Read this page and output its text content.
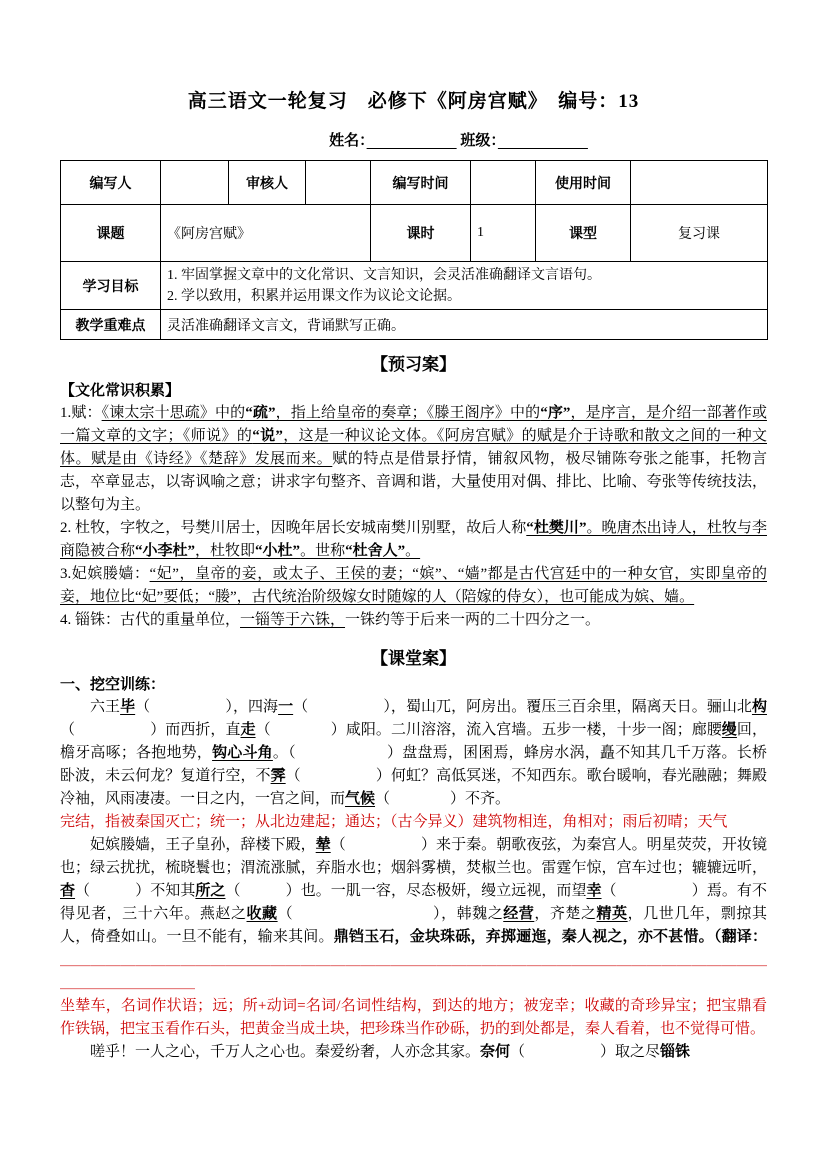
高三语文一轮复习　必修下《阿房宫赋》　编号：13
姓名：　　　　　　	班级：　　　　　　
编写人		审核人		编写时间		使用时间	
课题	《阿房宫赋》			课时	1	课型	复习课
学习目标	1. 牢固掌握文章中的文化常识、文言知识，会灵活准确翻译文言语句。
2. 学以致用，积累并运用课文作为议论文论据。						

教学重难点	灵活准确翻译文言文，背诵默写正确。						
【预习案】
【文化常识积累】

1.赋：《谏太宗十思疏》中的“疏”，指上给皇帝的奏章；《滕王阁序》中的“序”，是序言，是介绍一部著作或一篇文章的文字；《师说》的“说”，这是一种议论文体。《阿房宫赋》的赋是介于诗歌和散文之间的一种文体。赋是由《诗经》《楚辞》发展而来。赋的特点是借景抒情，铺叙风物，极尽铺陈夸张之能事，托物言志，卒章显志，以寄讽喻之意；讲求字句整齐、音调和谐，大量使用对偶、排比、比喻、夸张等传统技法，以整句为主。

2. 杜牧，字牧之，号樊川居士，因晚年居长安城南樊川别墅，故后人称“杜樊川”。晚唐杰出诗人，杜牧与李商隐被合称“小李杜”，杜牧即“小杜”。世称“杜舍人”。

3.妃嫔媵嫱：“妃”，皇帝的妾，或太子、王侯的妻；“嫔”、“嫱”都是古代宫廷中的一种女官，实即皇帝的妾，地位比“妃”要低；“媵”，古代统治阶级嫁女时随嫁的人（陪嫁的侍女），也可能成为嫔、嫱。

4. 锱铢：古代的重量单位，一锱等于六铢，一铢约等于后来一两的二十四分之一。

【课堂案】
一、挖空训练：

六王毕（　　　　　），四海一（　　　　　），蜀山兀，阿房出。覆压三百余里，隔离天日。骊山北构（　　　　　）而西折，直走（　　　　）咸阳。二川溶溶，流入宫墙。五步一楼，十步一阁；廊腰缦回，檐牙高啄；各抱地势，钩心斗角。（　　　　　　）盘盘焉，囷囷焉，蜂房水涡，矗不知其几千万落。长桥卧波，未云何龙？复道行空，不霁（　　　　　）何虹？高低冥迷，不知西东。歌台暖响，春光融融；舞殿冷袖，风雨凄凄。一日之内，一宫之间，而气候（　　　　）不齐。

完结，指被秦国灭亡；统一；从北边建起；通达；（古今异义）建筑物相连，角相对；雨后初晴；天气

妃嫔媵嫱，王子皇孙，辞楼下殿，辇（　　　　　）来于秦。朝歌夜弦，为秦宫人。明星荧荧，开妆镜也；绿云扰扰，梳晓鬟也；渭流涨腻，弃脂水也；烟斜雾横，焚椒兰也。雷霆乍惊，宫车过也；辘辘远听，杳（　　　）不知其所之（　　　）也。一肌一容，尽态极妍，缦立远视，而望幸（　　　　　）焉。有不得见者，三十六年。燕赵之收藏（　　　　　　　　　），韩魏之经营，齐楚之精英，几世几年，剽掠其人，倚叠如山。一旦不能有，输来其间。鼎铛玉石，金块珠砾，弃掷逦迤，秦人视之，亦不甚惜。（翻译：＿＿＿＿＿＿＿＿＿＿＿＿＿＿＿＿＿＿＿＿＿＿＿＿＿＿＿＿＿＿＿＿＿＿＿＿＿＿＿＿＿＿＿＿＿＿＿＿＿＿＿＿＿＿＿＿

坐辇车，名词作状语；远；所+动词=名词/名词性结构，到达的地方；被宠幸；收藏的奇珍异宝；把宝鼎看作铁锅，把宝玉看作石头，把黄金当成土块，把珍珠当作砂砾，扔的到处都是，秦人看着，也不觉得可惜。

嗟乎！一人之心，千万人之心也。秦爱纷奢，人亦念其家。奈何（　　　　　）取之尽锱铢
